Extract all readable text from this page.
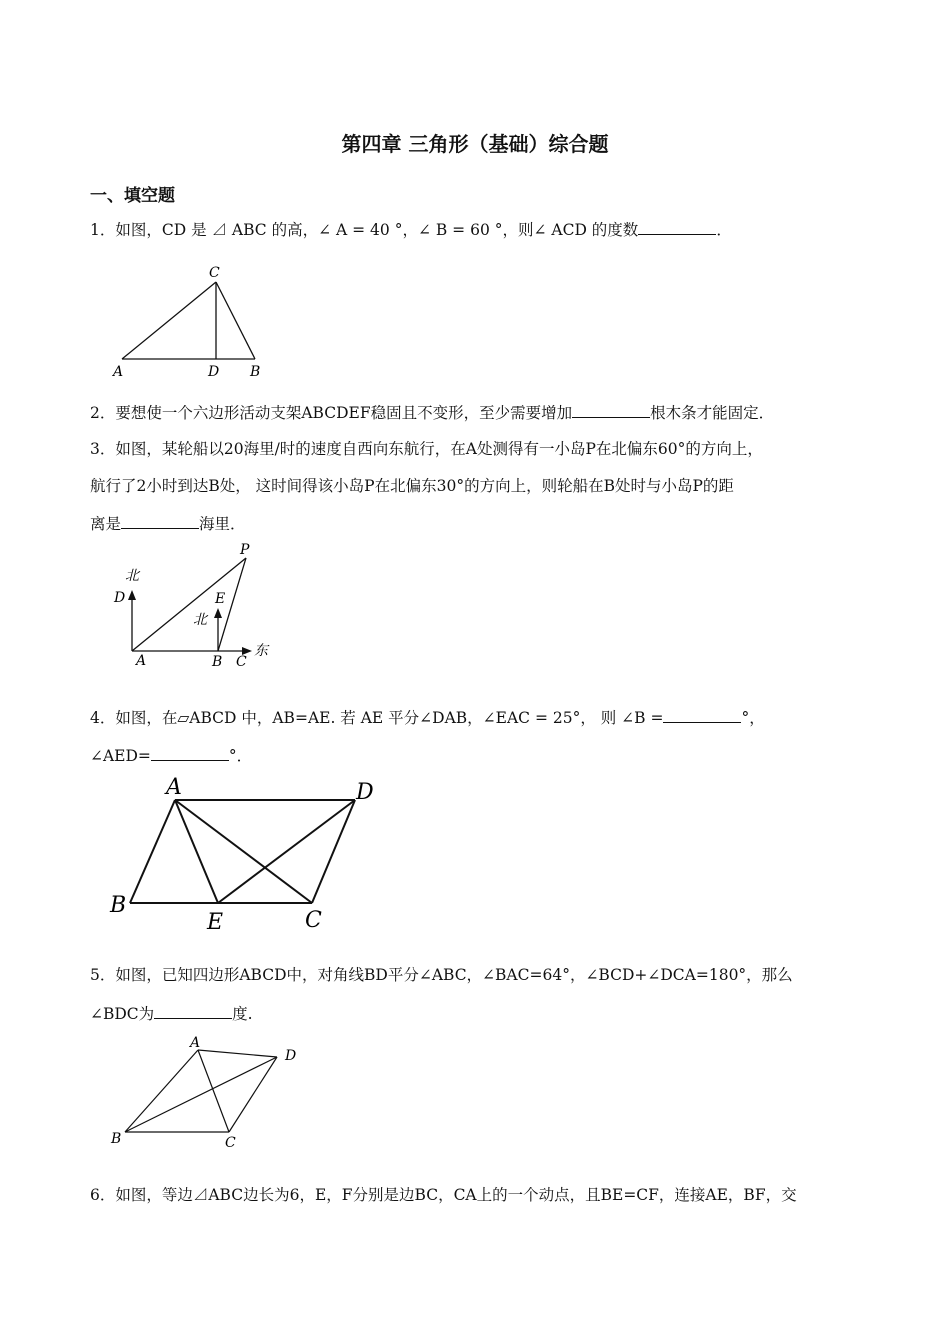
第四章 三角形（基础）综合题
一、填空题
1．如图，CD 是 ⊿ ABC 的高，∠ A = 40 °，∠ B = 60 °，则∠ ACD 的度数	．
C
A	D B
2．要想使一个六边形活动支架ABCDEF稳固且不变形，至少需要增加	根木条才能固定．
3．如图，某轮船以20海里/时的速度自西向东航行，在A处测得有一小岛P在北偏东60°的方向上，
航行了2小时到达B处， 这时间得该小岛P在北偏东30°的方向上，则轮船在B处时与小岛P的距
离是	海里．
北
D
A
P
E
北
B C
东
4．如图，在▱ABCD 中，AB=AE. 若 AE 平分∠DAB，∠EAC = 25°， 则 ∠B =	°，
∠AED=	°．
A	D
B
E	C
5．如图，已知四边形ABCD中，对角线BD平分∠ABC，∠BAC=64°，∠BCD+∠DCA=180°，那么
∠BDC为	度.
A
D
B	C
6．如图，等边⊿ABC边长为6，E，F分别是边BC，CA上的一个动点，且BE=CF，连接AE，BF，交
